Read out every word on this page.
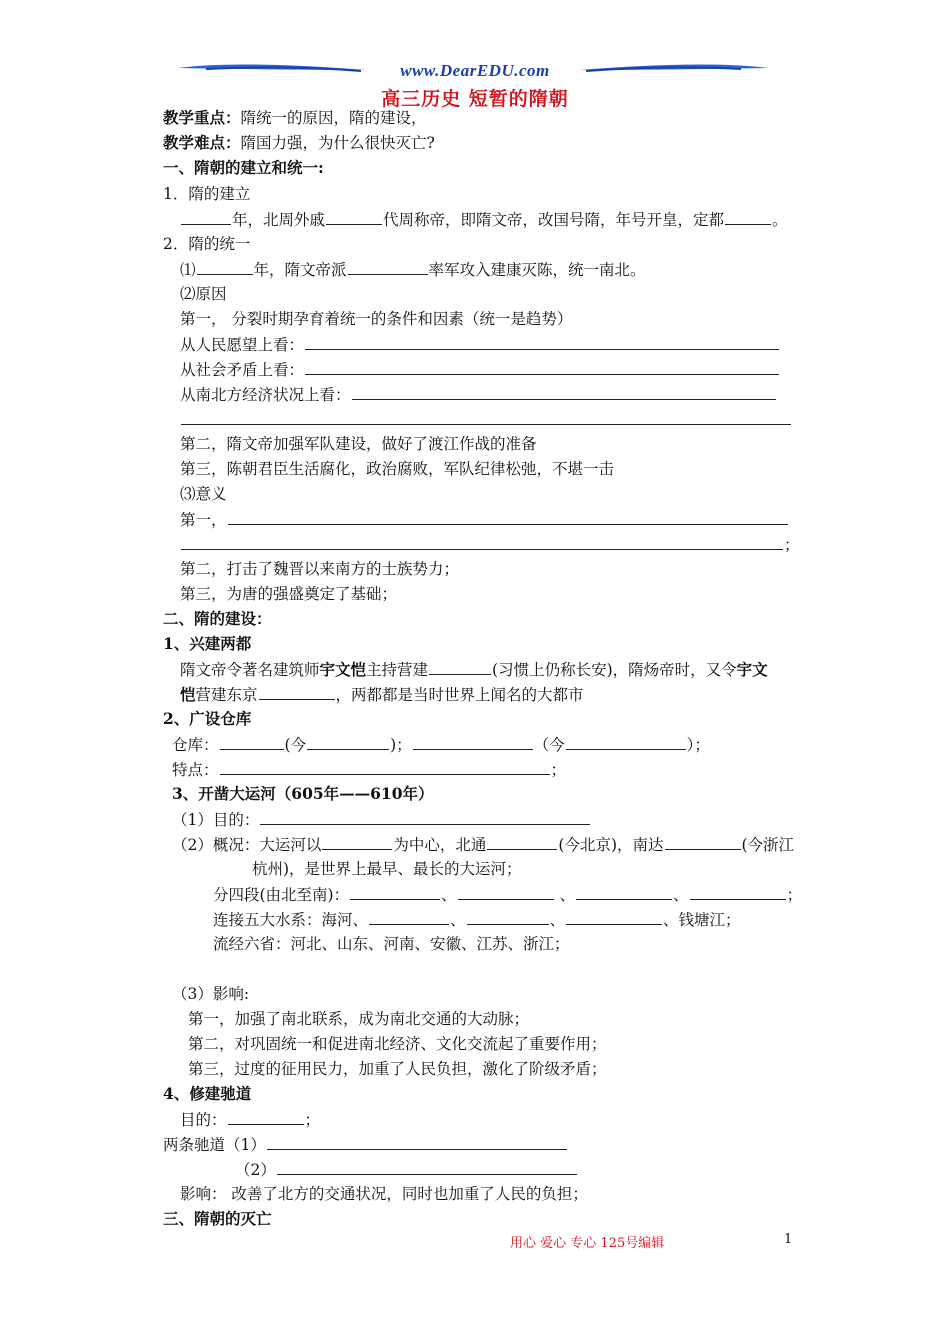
www.DearEDU.com
高三历史 短暂的隋朝
教学重点：隋统一的原因，隋的建设，
教学难点：隋国力强，为什么很快灭亡?
一、隋朝的建立和统一:
1．隋的建立
年，北周外戚	代周称帝，即隋文帝，改国号隋，年号开皇，定都	。
2．隋的统一
⑴	年，隋文帝派	率军攻入建康灭陈，统一南北。
⑵原因
第一， 分裂时期孕育着统一的条件和因素（统一是趋势）
从人民愿望上看：
从社会矛盾上看：
从南北方经济状况上看：
第二，隋文帝加强军队建设，做好了渡江作战的准备
第三，陈朝君臣生活腐化，政治腐败，军队纪律松弛，不堪一击
⑶意义
第一，
；
第二，打击了魏晋以来南方的士族势力；
第三，为唐的强盛奠定了基础；
二、隋的建设：
1、兴建两都
隋文帝令著名建筑师宇文恺主持营建	(习惯上仍称长安)，隋炀帝时，又令宇文
恺营建东京	，两都都是当时世界上闻名的大都市
2、广设仓库
仓库：	(今	)；	（今	）；
特点：	；
3、开凿大运河（605年——610年）
（1）目的：
（2）概况：大运河以	为中心，北通	(今北京)，南达	(今浙江
杭州)，是世界上最早、最长的大运河；
分四段(由北至南)：	、	、	、	；
连接五大水系：海河、	、	、	、钱塘江；
流经六省：河北、山东、河南、安徽、江苏、浙江；
（3）影响:
第一，加强了南北联系，成为南北交通的大动脉；
第二，对巩固统一和促进南北经济、文化交流起了重要作用；
第三，过度的征用民力，加重了人民负担，激化了阶级矛盾；
4、修建驰道
目的：	；
两条驰道（1）
（2）
影响： 改善了北方的交通状况，同时也加重了人民的负担；
三、隋朝的灭亡
用心 爱心 专心 125号编辑	1
